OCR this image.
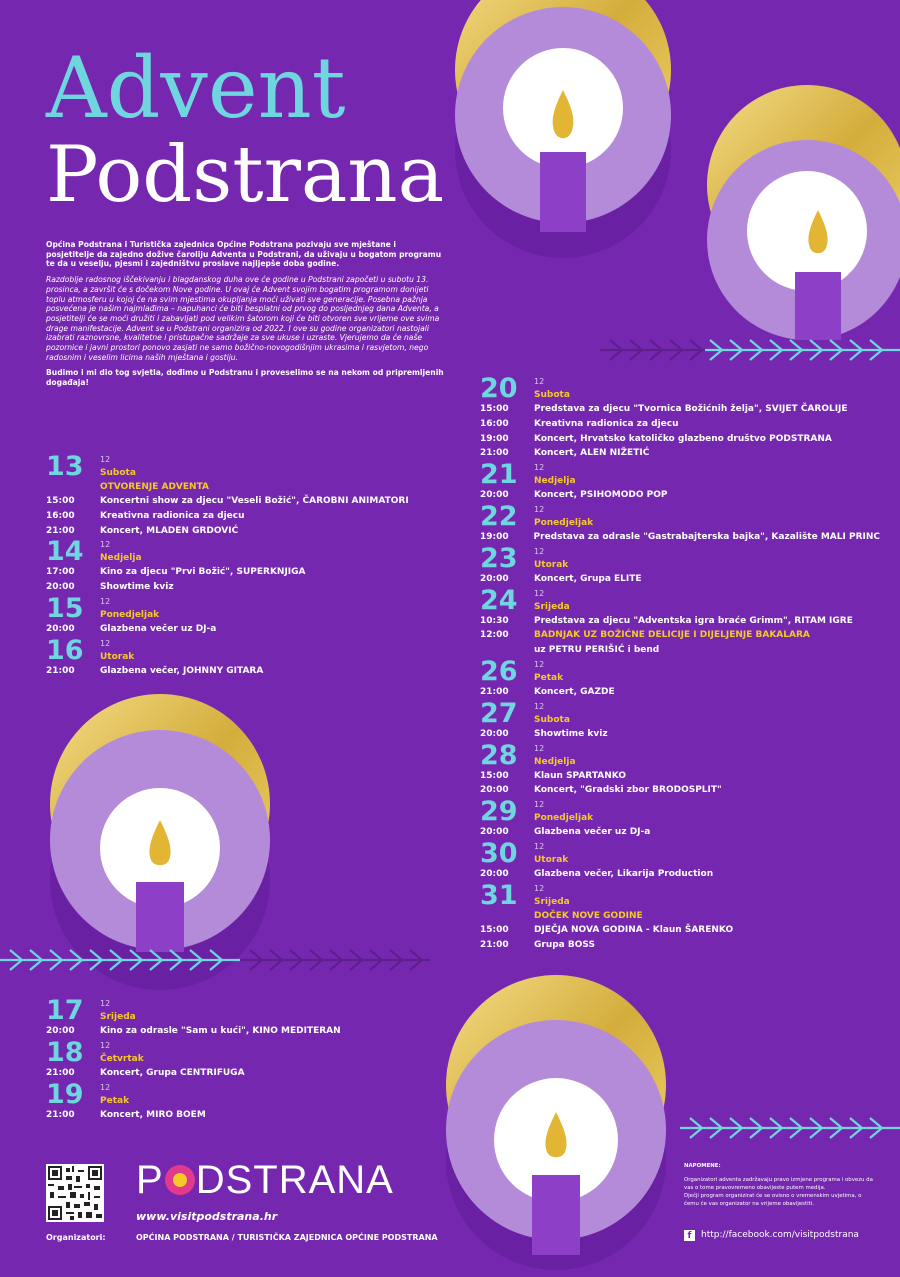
Advent
Podstrana

Općina Podstrana i Turistička zajednica Općine Podstrana pozivaju sve mještane i posjetitelje da zajedno dožive čaroliju Adventa u Podstrani, da uživaju u bogatom programu te da u veselju, pjesmi i zajedništvu proslave najljepše doba godine.

Razdoblje radosnog iščekivanju i blagdanskog duha ove će godine u Podstrani započeti u subotu 13. prosinca, a završit će s dočekom Nove godine. U ovaj će Advent svojim bogatim programom donijeti toplu atmosferu u kojoj će na svim mjestima okupljanja moći uživati sve generacije. Posebna pažnja posvećena je našim najmlađima – napuhanci će biti besplatni od prvog do posljednjeg dana Adventa, a posjetitelji će se moći družiti i zabavljati pod velikim šatorom koji će biti otvoren sve vrijeme ove svima drage manifestacije. Advent se u Podstrani organizira od 2022. I ove su godine organizatori nastojali izabrati raznovrsne, kvalitetne i pristupačne sadržaje za sve ukuse i uzraste. Vjerujemo da će naše pozornice i javni prostori ponovo zasjati ne samo božično-novogodišnjim ukrasima i rasvjetom, nego radosnim i veselim licima naših mještana i gostiju.

Budimo i mi dio tog svjetla, dođimo u Podstranu i proveselimo se na nekom od pripremljenih događaja!

13 12
Subota
OTVORENJE ADVENTA
15:00	Koncertni show za djecu "Veseli Božić", ČAROBNI ANIMATORI
16:00	Kreativna radionica za djecu
21:00	Koncert, MLADEN GRDOVIĆ
14 12
Nedjelja
17:00	Kino za djecu "Prvi Božić", SUPERKNJIGA
20:00	Showtime kviz
15 12
Ponedjeljak
20:00	Glazbena večer uz DJ-a
16 12
Utorak
21:00	Glazbena večer, JOHNNY GITARA
17 12
Srijeda
20:00	Kino za odrasle "Sam u kući", KINO MEDITERAN
18 12
Četvrtak
21:00	Koncert, Grupa CENTRIFUGA
19 12
Petak
21:00	Koncert, MIRO BOEM
20 12
Subota
15:00	Predstava za djecu "Tvornica Božićnih želja", SVIJET ČAROLIJE
16:00	Kreativna radionica za djecu
19:00	Koncert, Hrvatsko katoličko glazbeno društvo PODSTRANA
21:00	Koncert, ALEN NIŽETIĆ
21 12
Nedjelja
20:00	Koncert, PSIHOMODO POP
22 12
Ponedjeljak
19:00	Predstava za odrasle "Gastrabajterska bajka", Kazalište MALI PRINC
23 12
Utorak
20:00	Koncert, Grupa ELITE
24 12
Srijeda
10:30	Predstava za djecu "Adventska igra braće Grimm", RITAM IGRE
12:00	BADNJAK UZ BOŽIĆNE DELICIJE I DIJELJENJE BAKALARA
uz PETRU PERIŠIĆ i bend
26 12
Petak
21:00	Koncert, GAZDE
27 12
Subota
20:00	Showtime kviz
28 12
Nedjelja
15:00	Klaun SPARTANKO
20:00	Koncert, "Gradski zbor BRODOSPLIT"
29 12
Ponedjeljak
20:00	Glazbena večer uz DJ-a
30 12
Utorak
20:00	Glazbena večer, Likarija Production
31 12
Srijeda
DOČEK NOVE GODINE
15:00	DJEČJA NOVA GODINA - Klaun ŠARENKO
21:00	Grupa BOSS
P DSTRANA
www.visitpodstrana.hr
Organizatori:	OPĆINA PODSTRANA / TURISTIČKA ZAJEDNICA OPĆINE PODSTRANA
NAPOMENE:
Organizatori adventa zadržavaju pravo izmjene programa i obvezu da vas o tome pravovremeno obavijeste putem medija.
Dječji program organizirat će se ovisno o vremenskim uvjetima, o čemu će vas organizator na vrijeme obavijestiti.
f http://facebook.com/visitpodstrana
